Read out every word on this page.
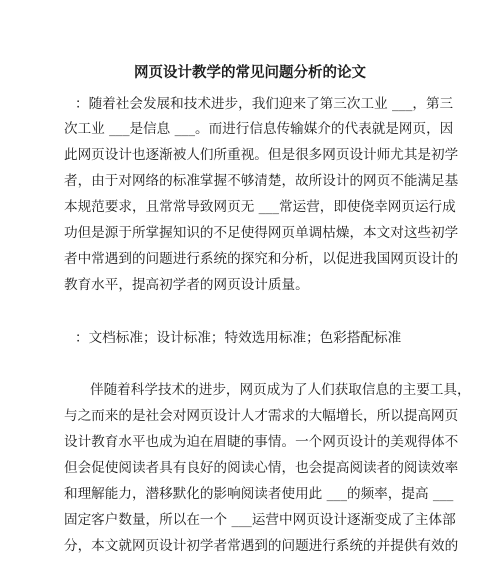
网页设计教学的常见问题分析的论文
：随着社会发展和技术进步，我们迎来了第三次工业 ___，第三
次工业 ___是信息 ___。而进行信息传输媒介的代表就是网页，因
此网页设计也逐渐被人们所重视。但是很多网页设计师尤其是初学
者，由于对网络的标准掌握不够清楚，故所设计的网页不能满足基
本规范要求，且常常导致网页无 ___常运营，即使侥幸网页运行成
功但是源于所掌握知识的不足使得网页单调枯燥，本文对这些初学
者中常遇到的问题进行系统的探究和分析，以促进我国网页设计的
教育水平，提高初学者的网页设计质量。
：文档标准；设计标准；特效选用标准；色彩搭配标准
伴随着科学技术的进步，网页成为了人们获取信息的主要工具，
与之而来的是社会对网页设计人才需求的大幅增长，所以提高网页
设计教育水平也成为迫在眉睫的事情。一个网页设计的美观得体不
但会促使阅读者具有良好的阅读心情，也会提高阅读者的阅读效率
和理解能力，潜移默化的影响阅读者使用此 ___的频率，提高 ___
固定客户数量，所以在一个 ___运营中网页设计逐渐变成了主体部
分，本文就网页设计初学者常遇到的问题进行系统的并提供有效的
